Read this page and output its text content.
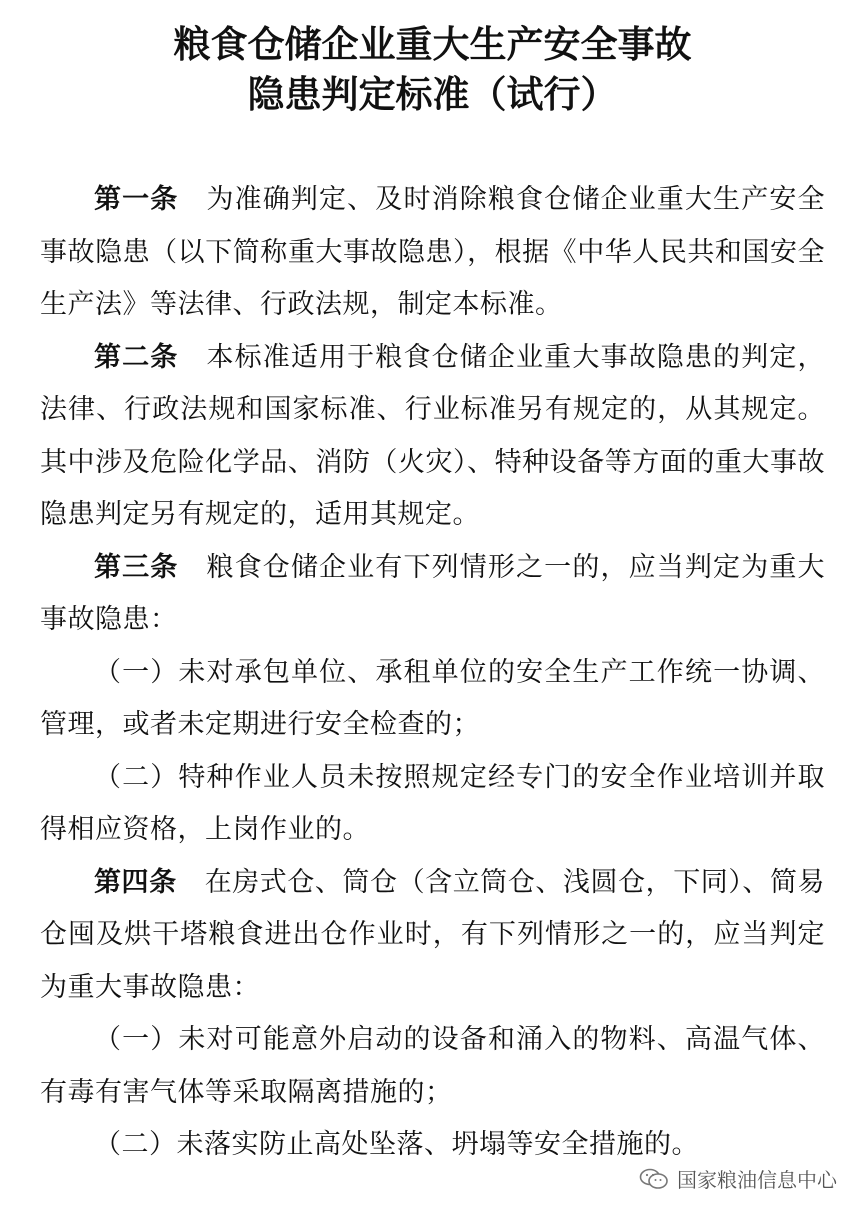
粮食仓储企业重大生产安全事故
隐患判定标准（试行）

第一条 为准确判定、及时消除粮食仓储企业重大生产安全事故隐患（以下简称重大事故隐患），根据《中华人民共和国安全生产法》等法律、行政法规，制定本标准。

第二条 本标准适用于粮食仓储企业重大事故隐患的判定，法律、行政法规和国家标准、行业标准另有规定的，从其规定。其中涉及危险化学品、消防（火灾）、特种设备等方面的重大事故隐患判定另有规定的，适用其规定。

第三条 粮食仓储企业有下列情形之一的，应当判定为重大事故隐患：

（一）未对承包单位、承租单位的安全生产工作统一协调、管理，或者未定期进行安全检查的；

（二）特种作业人员未按照规定经专门的安全作业培训并取得相应资格，上岗作业的。

第四条 在房式仓、筒仓（含立筒仓、浅圆仓，下同）、简易仓囤及烘干塔粮食进出仓作业时，有下列情形之一的，应当判定为重大事故隐患：

（一）未对可能意外启动的设备和涌入的物料、高温气体、有毒有害气体等采取隔离措施的；

（二）未落实防止高处坠落、坍塌等安全措施的。

国家粮油信息中心
